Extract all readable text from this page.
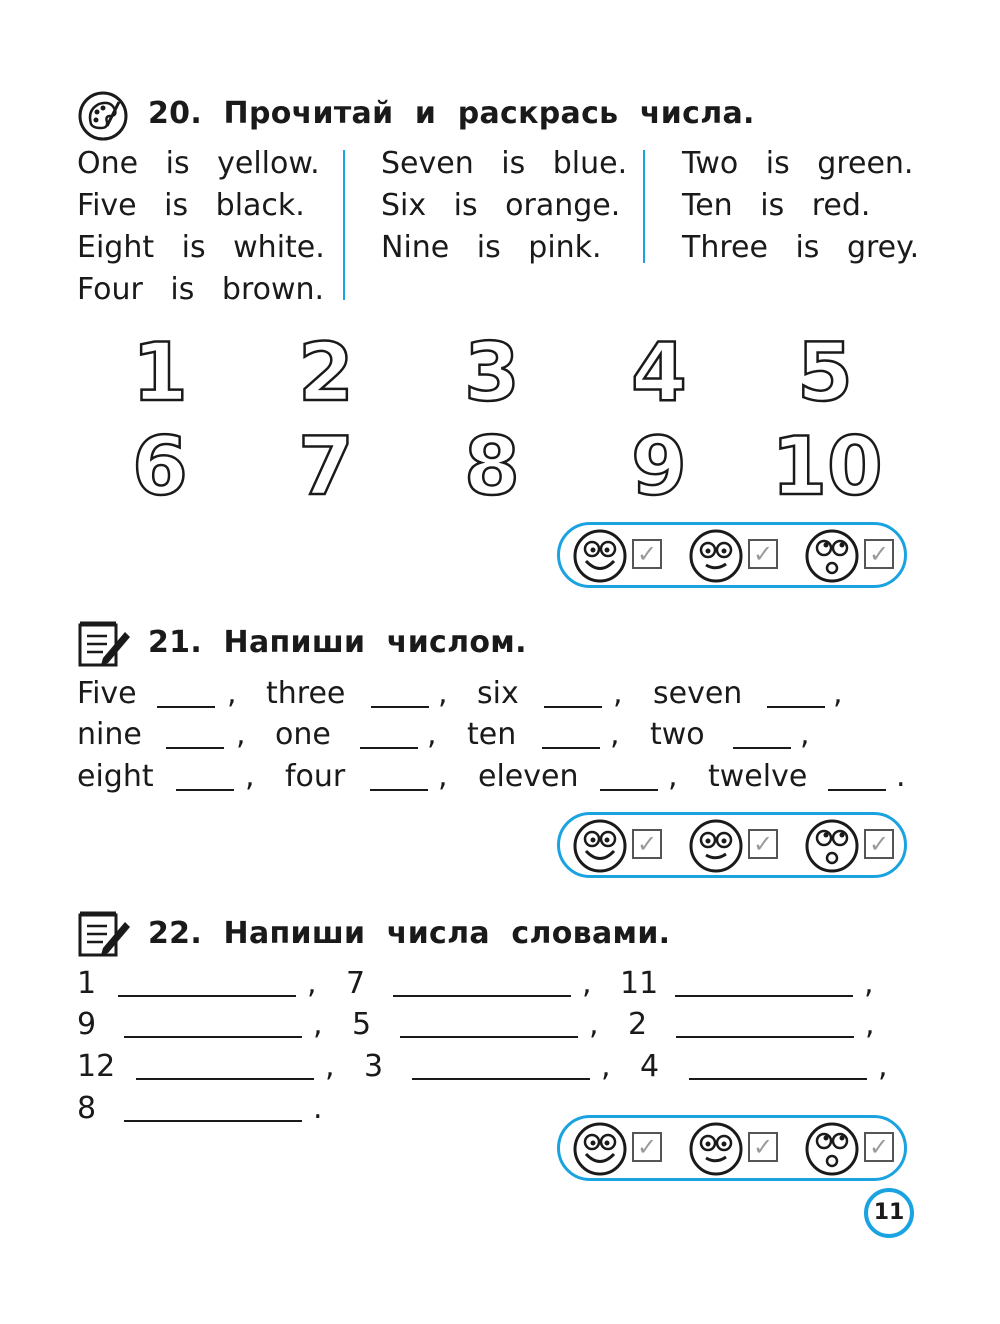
20.  Прочитай  и  раскрась  числа.
One is yellow.
Five is black.
Eight is white.
Four is brown.
Seven is blue.
Six is orange.
Nine is pink.
Two is green.
Ten is red.
Three is grey.
1	2	3	4	5
6	7	8	9	10
✓	✓	✓
21.  Напиши  числом.
Five	, three	, six	, seven	,
nine	, one	, ten	, two	,
eight	, four	, eleven	, twelve	.
✓	✓	✓
22.  Напиши  числа  словами.
1	, 7	, 11	,
9	, 5	, 2	,
12	, 3	, 4	,
8	.
✓	✓	✓
11
